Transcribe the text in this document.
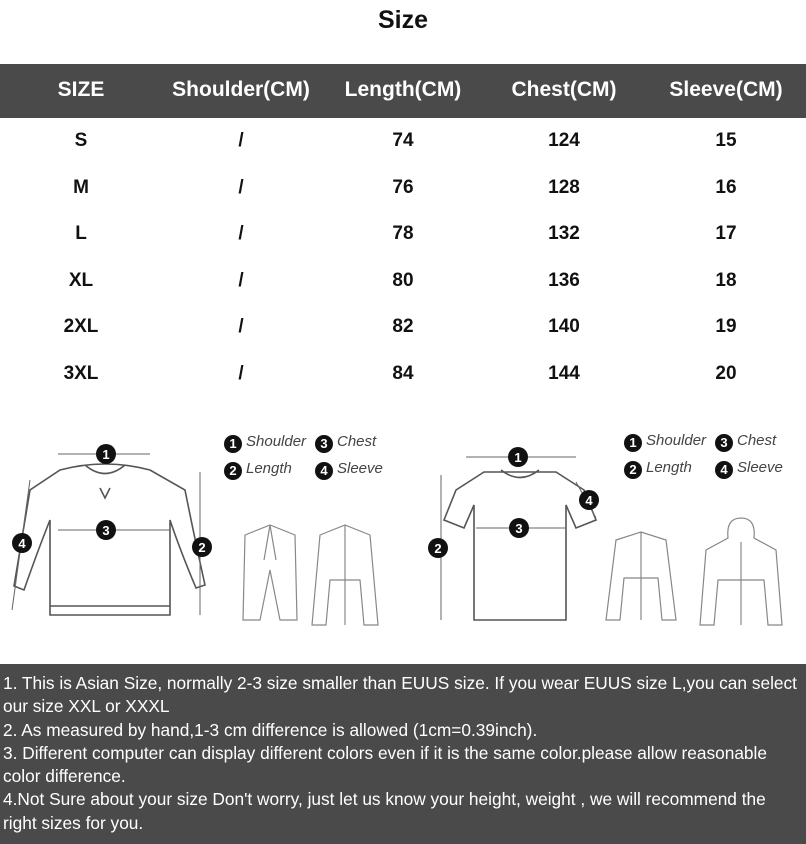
Size
SIZE	Shoulder(CM)	Length(CM)	Chest(CM)	Sleeve(CM)
S	/	74	124	15
M	/	76	128	16
L	/	78	132	17
XL	/	80	136	18
2XL	/	82	140	19
3XL	/	84	144	20
1
3
2
4
1 Shoulder	3 Chest
2 Length	4 Sleeve
1
3
2
4
1 Shoulder	3 Chest
2 Length	4 Sleeve

1. This is Asian Size, normally 2-3 size smaller than EUUS size. If you wear EUUS size L,you can select our size XXL or XXXL

2. As measured by hand,1-3 cm difference is allowed (1cm=0.39inch).

3. Different computer can display different colors even if it is the same color.please allow reasonable color difference.

4.Not Sure about your size Don't worry, just let us know your height, weight , we will recommend the right sizes for you.
